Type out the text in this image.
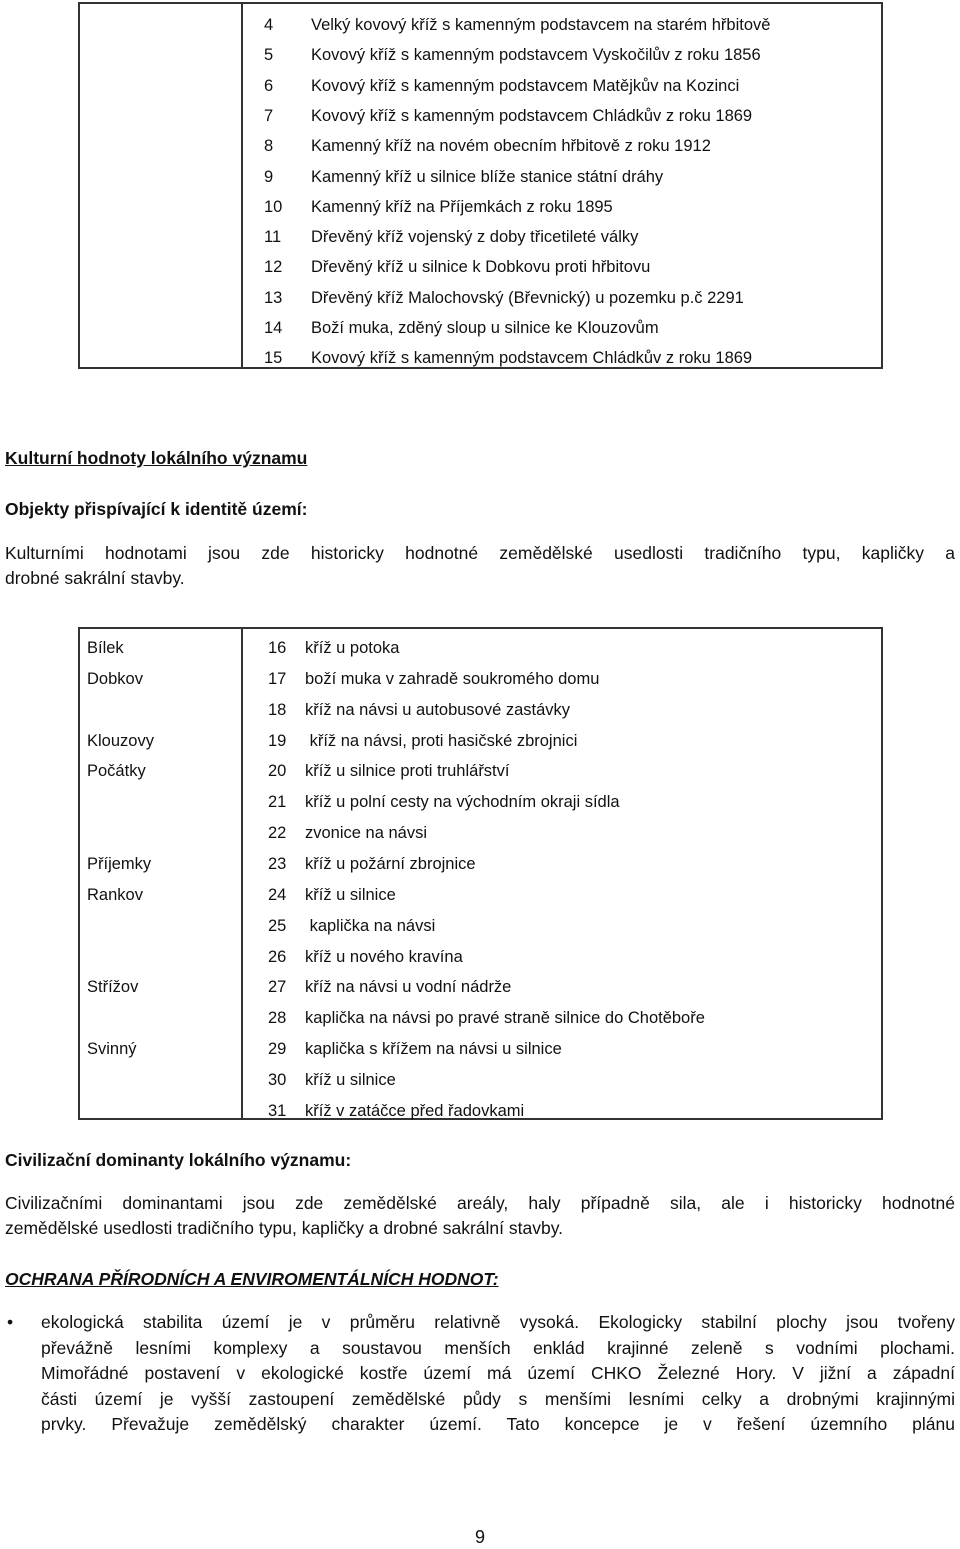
4 Velký kovový kříž s kamenným podstavcem na starém hřbitově
5 Kovový kříž s kamenným podstavcem Vyskočilův z roku 1856
6 Kovový kříž s kamenným podstavcem Matějkův na Kozinci
7 Kovový kříž s kamenným podstavcem Chládkův z roku 1869
8 Kamenný kříž na novém obecním hřbitově z roku 1912
9 Kamenný kříž u silnice blíže stanice státní dráhy
10 Kamenný kříž na Příjemkách z roku 1895
11 Dřevěný kříž vojenský z doby třicetileté války
12 Dřevěný kříž u silnice k Dobkovu proti hřbitovu
13 Dřevěný kříž Malochovský (Břevnický) u pozemku p.č 2291
14 Boží muka, zděný sloup u silnice ke Klouzovům
15 Kovový kříž s kamenným podstavcem Chládkův z roku 1869
Kulturní hodnoty lokálního významu
Objekty přispívající k identitě území:
Kulturními hodnotami jsou zde historicky hodnotné zemědělské usedlosti tradičního typu, kapličky a
drobné sakrální stavby.
Bílek
Dobkov
Klouzovy
Počátky
Příjemky
Rankov
Střížov
Svinný
16 kříž u potoka
17 boží muka v zahradě soukromého domu
18 kříž na návsi u autobusové zastávky
19 kříž na návsi, proti hasičské zbrojnici
20 kříž u silnice proti truhlářství
21 kříž u polní cesty na východním okraji sídla
22 zvonice na návsi
23 kříž u požární zbrojnice
24 kříž u silnice
25 kaplička na návsi
26 kříž u nového kravína
27 kříž na návsi u vodní nádrže
28 kaplička na návsi po pravé straně silnice do Chotěboře
29 kaplička s křížem na návsi u silnice
30 kříž u silnice
31 kříž v zatáčce před řadovkami
Civilizační dominanty lokálního významu:
Civilizačními dominantami jsou zde zemědělské areály, haly případně sila, ale i historicky hodnotné
zemědělské usedlosti tradičního typu, kapličky a drobné sakrální stavby.
OCHRANA PŘÍRODNÍCH A ENVIROMENTÁLNÍCH HODNOT:
• ekologická stabilita území je v průměru relativně vysoká. Ekologicky stabilní plochy jsou tvořeny
převážně lesními komplexy a soustavou menších enklád krajinné zeleně s vodními plochami.
Mimořádné postavení v ekologické kostře území má území CHKO Železné Hory. V jižní a západní
části území je vyšší zastoupení zemědělské půdy s menšími lesními celky a drobnými krajinnými
prvky. Převažuje zemědělský charakter území. Tato koncepce je v řešení územního plánu
9
